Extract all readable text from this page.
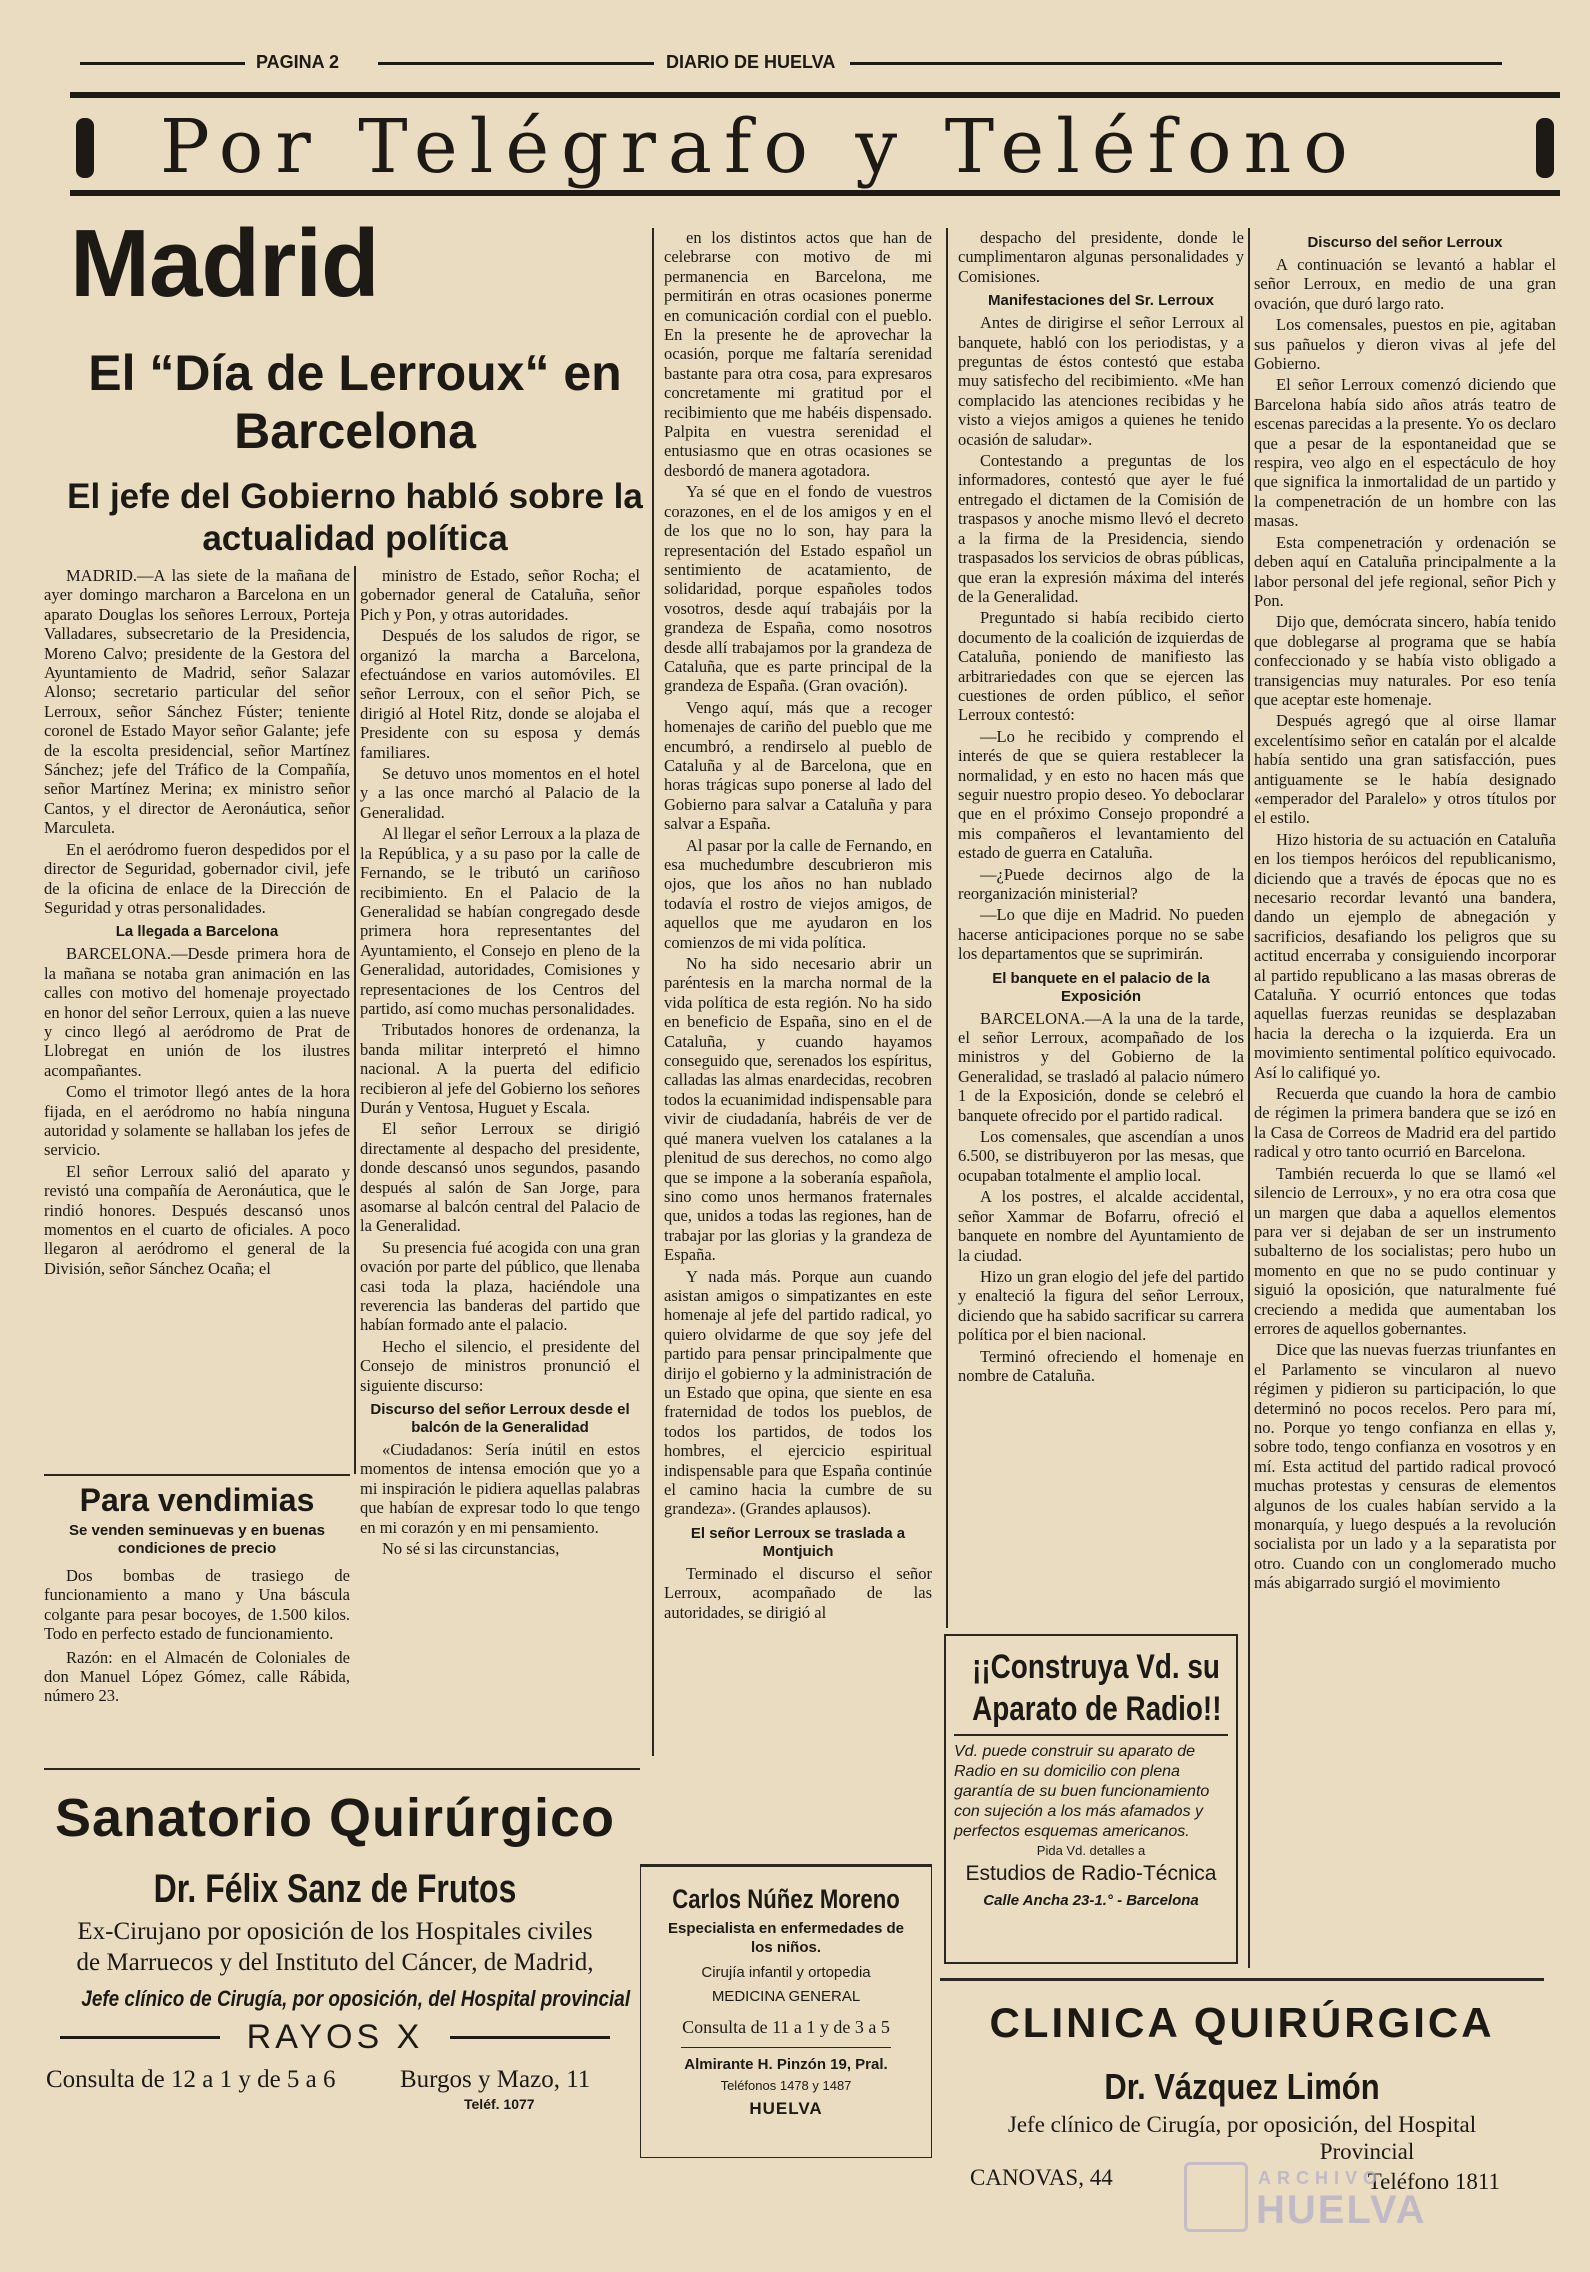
PAGINA 2	DIARIO DE HUELVA
Por Telégrafo y Teléfono
Madrid
El “Día de Lerroux“ en Barcelona
El jefe del Gobierno habló sobre la actualidad política

MADRID.—A las siete de la mañana de ayer domingo marcharon a Barcelona en un aparato Douglas los señores Lerroux, Porteja Valladares, subsecretario de la Presidencia, Moreno Calvo; presidente de la Gestora del Ayuntamiento de Madrid, señor Salazar Alonso; secretario particular del señor Lerroux, señor Sánchez Fúster; teniente coronel de Estado Mayor señor Galante; jefe de la escolta presidencial, señor Martínez Sánchez; jefe del Tráfico de la Compañía, señor Martínez Merina; ex ministro señor Cantos, y el director de Aeronáutica, señor Marculeta.

En el aeródromo fueron despedidos por el director de Seguridad, gobernador civil, jefe de la oficina de enlace de la Dirección de Seguridad y otras personalidades.

La llegada a Barcelona

BARCELONA.—Desde primera hora de la mañana se notaba gran animación en las calles con motivo del homenaje proyectado en honor del señor Lerroux, quien a las nueve y cinco llegó al aeródromo de Prat de Llobregat en unión de los ilustres acompañantes.

Como el trimotor llegó antes de la hora fijada, en el aeródromo no había ninguna autoridad y solamente se hallaban los jefes de servicio.

El señor Lerroux salió del aparato y revistó una compañía de Aeronáutica, que le rindió honores. Después descansó unos momentos en el cuarto de oficiales. A poco llegaron al aeródromo el general de la División, señor Sánchez Ocaña; el

ministro de Estado, señor Rocha; el gobernador general de Cataluña, señor Pich y Pon, y otras autoridades.

Después de los saludos de rigor, se organizó la marcha a Barcelona, efectuándose en varios automóviles. El señor Lerroux, con el señor Pich, se dirigió al Hotel Ritz, donde se alojaba el Presidente con su esposa y demás familiares.

Se detuvo unos momentos en el hotel y a las once marchó al Palacio de la Generalidad.

Al llegar el señor Lerroux a la plaza de la República, y a su paso por la calle de Fernando, se le tributó un cariñoso recibimiento. En el Palacio de la Generalidad se habían congregado desde primera hora representantes del Ayuntamiento, el Consejo en pleno de la Generalidad, autoridades, Comisiones y representaciones de los Centros del partido, así como muchas personalidades.

Tributados honores de ordenanza, la banda militar interpretó el himno nacional. A la puerta del edificio recibieron al jefe del Gobierno los señores Durán y Ventosa, Huguet y Escala.

El señor Lerroux se dirigió directamente al despacho del presidente, donde descansó unos segundos, pasando después al salón de San Jorge, para asomarse al balcón central del Palacio de la Generalidad.

Su presencia fué acogida con una gran ovación por parte del público, que llenaba casi toda la plaza, haciéndole una reverencia las banderas del partido que habían formado ante el palacio.

Hecho el silencio, el presidente del Consejo de ministros pronunció el siguiente discurso:

Discurso del señor Lerroux desde el balcón de la Generalidad

«Ciudadanos: Sería inútil en estos momentos de intensa emoción que yo a mi inspiración le pidiera aquellas palabras que habían de expresar todo lo que tengo en mi corazón y en mi pensamiento.

No sé si las circunstancias,

en los distintos actos que han de celebrarse con motivo de mi permanencia en Barcelona, me permitirán en otras ocasiones ponerme en comunicación cordial con el pueblo. En la presente he de aprovechar la ocasión, porque me faltaría serenidad bastante para otra cosa, para expresaros concretamente mi gratitud por el recibimiento que me habéis dispensado. Palpita en vuestra serenidad el entusiasmo que en otras ocasiones se desbordó de manera agotadora.

Ya sé que en el fondo de vuestros corazones, en el de los amigos y en el de los que no lo son, hay para la representación del Estado español un sentimiento de acatamiento, de solidaridad, porque españoles todos vosotros, desde aquí trabajáis por la grandeza de España, como nosotros desde allí trabajamos por la grandeza de Cataluña, que es parte principal de la grandeza de España. (Gran ovación).

Vengo aquí, más que a recoger homenajes de cariño del pueblo que me encumbró, a rendirselo al pueblo de Cataluña y al de Barcelona, que en horas trágicas supo ponerse al lado del Gobierno para salvar a Cataluña y para salvar a España.

Al pasar por la calle de Fernando, en esa muchedumbre descubrieron mis ojos, que los años no han nublado todavía el rostro de viejos amigos, de aquellos que me ayudaron en los comienzos de mi vida política.

No ha sido necesario abrir un paréntesis en la marcha normal de la vida política de esta región. No ha sido en beneficio de España, sino en el de Cataluña, y cuando hayamos conseguido que, serenados los espíritus, calladas las almas enardecidas, recobren todos la ecuanimidad indispensable para vivir de ciudadanía, habréis de ver de qué manera vuelven los catalanes a la plenitud de sus derechos, no como algo que se impone a la soberanía española, sino como unos hermanos fraternales que, unidos a todas las regiones, han de trabajar por las glorias y la grandeza de España.

Y nada más. Porque aun cuando asistan amigos o simpatizantes en este homenaje al jefe del partido radical, yo quiero olvidarme de que soy jefe del partido para pensar principalmente que dirijo el gobierno y la administración de un Estado que opina, que siente en esa fraternidad de todos los pueblos, de todos los partidos, de todos los hombres, el ejercicio espiritual indispensable para que España continúe el camino hacia la cumbre de su grandeza». (Grandes aplausos).

El señor Lerroux se traslada a Montjuich

Terminado el discurso el señor Lerroux, acompañado de las autoridades, se dirigió al

despacho del presidente, donde le cumplimentaron algunas personalidades y Comisiones.

Manifestaciones del Sr. Lerroux

Antes de dirigirse el señor Lerroux al banquete, habló con los periodistas, y a preguntas de éstos contestó que estaba muy satisfecho del recibimiento. «Me han complacido las atenciones recibidas y he visto a viejos amigos a quienes he tenido ocasión de saludar».

Contestando a preguntas de los informadores, contestó que ayer le fué entregado el dictamen de la Comisión de traspasos y anoche mismo llevó el decreto a la firma de la Presidencia, siendo traspasados los servicios de obras públicas, que eran la expresión máxima del interés de la Generalidad.

Preguntado si había recibido cierto documento de la coalición de izquierdas de Cataluña, poniendo de manifiesto las arbitrariedades con que se ejercen las cuestiones de orden público, el señor Lerroux contestó:

—Lo he recibido y comprendo el interés de que se quiera restablecer la normalidad, y en esto no hacen más que seguir nuestro propio deseo. Yo deboclarar que en el próximo Consejo propondré a mis compañeros el levantamiento del estado de guerra en Cataluña.

—¿Puede decirnos algo de la reorganización ministerial?

—Lo que dije en Madrid. No pueden hacerse anticipaciones porque no se sabe los departamentos que se suprimirán.

El banquete en el palacio de la Exposición

BARCELONA.—A la una de la tarde, el señor Lerroux, acompañado de los ministros y del Gobierno de la Generalidad, se trasladó al palacio número 1 de la Exposición, donde se celebró el banquete ofrecido por el partido radical.

Los comensales, que ascendían a unos 6.500, se distribuyeron por las mesas, que ocupaban totalmente el amplio local.

A los postres, el alcalde accidental, señor Xammar de Bofarru, ofreció el banquete en nombre del Ayuntamiento de la ciudad.

Hizo un gran elogio del jefe del partido y enalteció la figura del señor Lerroux, diciendo que ha sabido sacrificar su carrera política por el bien nacional.

Terminó ofreciendo el homenaje en nombre de Cataluña.

Discurso del señor Lerroux

A continuación se levantó a hablar el señor Lerroux, en medio de una gran ovación, que duró largo rato.

Los comensales, puestos en pie, agitaban sus pañuelos y dieron vivas al jefe del Gobierno.

El señor Lerroux comenzó diciendo que Barcelona había sido años atrás teatro de escenas parecidas a la presente. Yo os declaro que a pesar de la espontaneidad que se respira, veo algo en el espectáculo de hoy que significa la inmortalidad de un partido y la compenetración de un hombre con las masas.

Esta compenetración y ordenación se deben aquí en Cataluña principalmente a la labor personal del jefe regional, señor Pich y Pon.

Dijo que, demócrata sincero, había tenido que doblegarse al programa que se había confeccionado y se había visto obligado a transigencias muy naturales. Por eso tenía que aceptar este homenaje.

Después agregó que al oirse llamar excelentísimo señor en catalán por el alcalde había sentido una gran satisfacción, pues antiguamente se le había designado «emperador del Paralelo» y otros títulos por el estilo.

Hizo historia de su actuación en Cataluña en los tiempos heróicos del republicanismo, diciendo que a través de épocas que no es necesario recordar levantó una bandera, dando un ejemplo de abnegación y sacrificios, desafiando los peligros que su actitud encerraba y consiguiendo incorporar al partido republicano a las masas obreras de Cataluña. Y ocurrió entonces que todas aquellas fuerzas reunidas se desplazaban hacia la derecha o la izquierda. Era un movimiento sentimental político equivocado. Así lo califiqué yo.

Recuerda que cuando la hora de cambio de régimen la primera bandera que se izó en la Casa de Correos de Madrid era del partido radical y otro tanto ocurrió en Barcelona.

También recuerda lo que se llamó «el silencio de Lerroux», y no era otra cosa que un margen que daba a aquellos elementos para ver si dejaban de ser un instrumento subalterno de los socialistas; pero hubo un momento en que no se pudo continuar y siguió la oposición, que naturalmente fué creciendo a medida que aumentaban los errores de aquellos gobernantes.

Dice que las nuevas fuerzas triunfantes en el Parlamento se vincularon al nuevo régimen y pidieron su participación, lo que determinó no pocos recelos. Pero para mí, no. Porque yo tengo confianza en ellas y, sobre todo, tengo confianza en vosotros y en mí. Esta actitud del partido radical provocó muchas protestas y censuras de elementos algunos de los cuales habían servido a la monarquía, y luego después a la revolución socialista por un lado y a la separatista por otro. Cuando con un conglomerado mucho más abigarrado surgió el movimiento

Para vendimias
Se venden seminuevas y en buenas condiciones de precio
Dos bombas de trasiego de funcionamiento a mano y Una báscula colgante para pesar bocoyes, de 1.500 kilos. Todo en perfecto estado de funcionamiento.
Razón: en el Almacén de Coloniales de don Manuel López Gómez, calle Rábida, número 23.
Sanatorio Quirúrgico
Dr. Félix Sanz de Frutos
Ex-Cirujano por oposición de los Hospitales civiles
de Marruecos y del Instituto del Cáncer, de Madrid,
Jefe clínico de Cirugía, por oposición, del Hospital provincial
RAYOS X
Consulta de 12 a 1 y de 5 a 6	Burgos y Mazo, 11
Teléf. 1077
Carlos Núñez Moreno
Especialista en enfermedades de los niños.
Cirujía infantil y ortopedia
MEDICINA GENERAL
Consulta de 11 a 1 y de 3 a 5
Almirante H. Pinzón 19, Pral.
Teléfonos 1478 y 1487
HUELVA
¡¡Construya Vd. su
Aparato de Radio!!
Vd. puede construir su aparato de Radio en su domicilio con plena garantía de su buen funcionamiento con sujeción a los más afamados y perfectos esquemas americanos.
Pida Vd. detalles a
Estudios de Radio-Técnica
Calle Ancha 23-1.° - Barcelona
CLINICA QUIRÚRGICA
Dr. Vázquez Limón
Jefe clínico de Cirugía, por oposición, del Hospital
Provincial
CANOVAS, 44	Teléfono 1811
ARCHIVO
HUELVA
